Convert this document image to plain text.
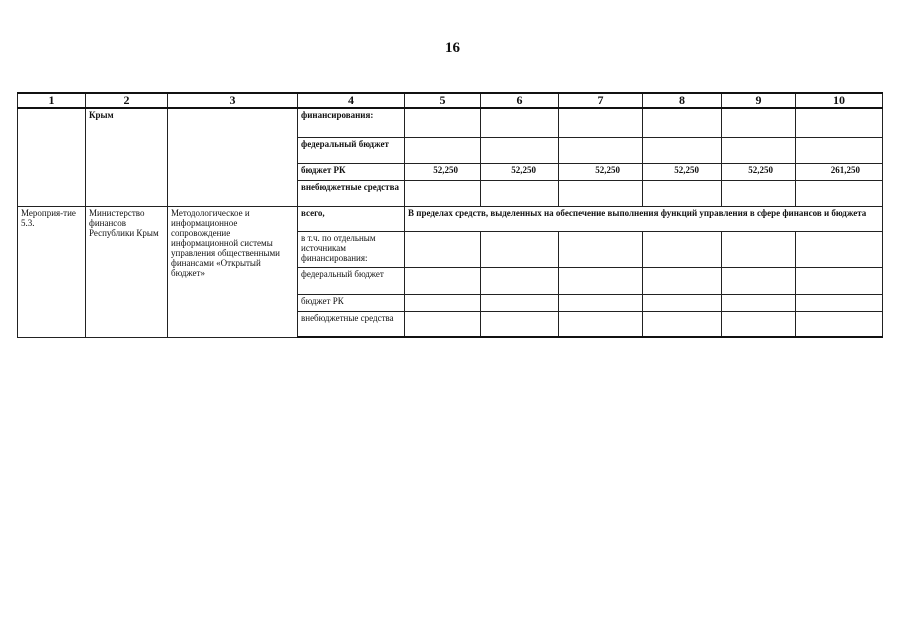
16
1	2	3	4	5	6	7	8	9	10
	Крым		финансирования:						
			федеральный бюджет						
			бюджет РК	52,250	52,250	52,250	52,250	52,250	261,250
			внебюджетные средства						
Мероприя-тие 5.3.	Министерство финансов Республики Крым	Методологическое и информационное сопровождение информационной системы управления общественными финансами «Открытый бюджет»	всего,	В пределах средств, выделенных на обеспечение выполнения функций управления в сфере финансов и бюджета					
			в т.ч. по отдельным источникам финансирования:						
			федеральный бюджет						
			бюджет РК						
			внебюджетные средства						
